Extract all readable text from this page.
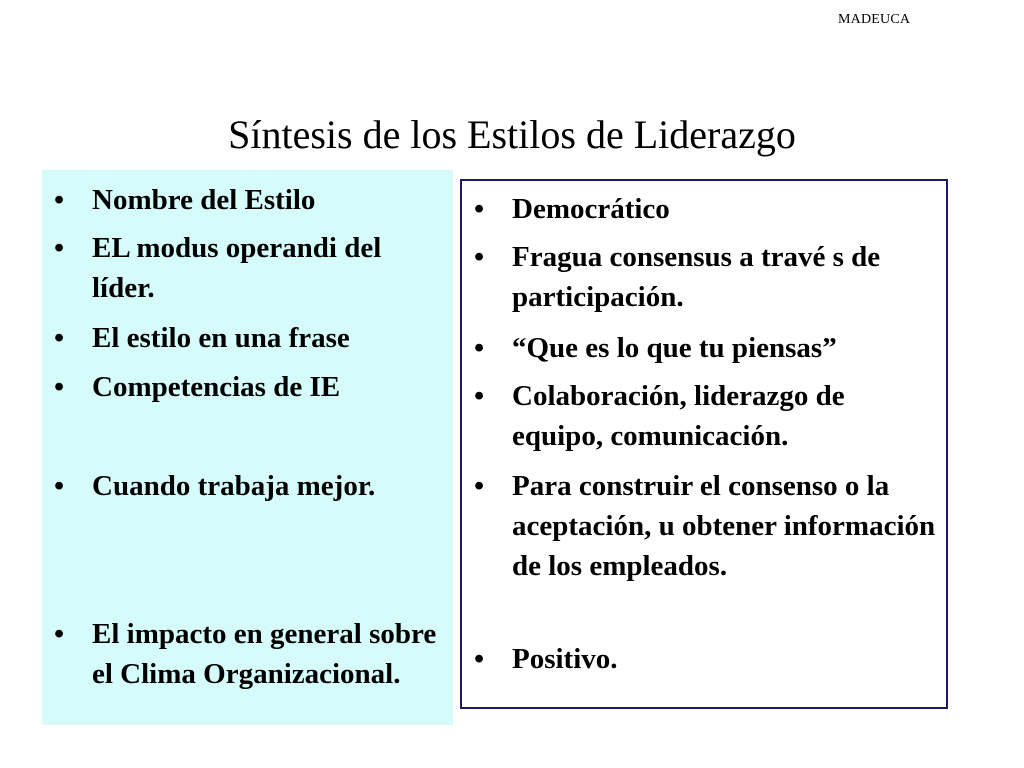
MADEUCA
Síntesis de los Estilos de Liderazgo
• Nombre del Estilo
• EL modus operandi del líder.
• El estilo en una frase
• Competencias de IE
• Cuando trabaja mejor.
• El impacto en general sobre el Clima Organizacional.
• Democrático
• Fragua consensus a travé s de participación.
• “Que es lo que tu piensas”
• Colaboración, liderazgo de equipo, comunicación.
• Para construir el consenso o la aceptación, u obtener información de los empleados.
• Positivo.
